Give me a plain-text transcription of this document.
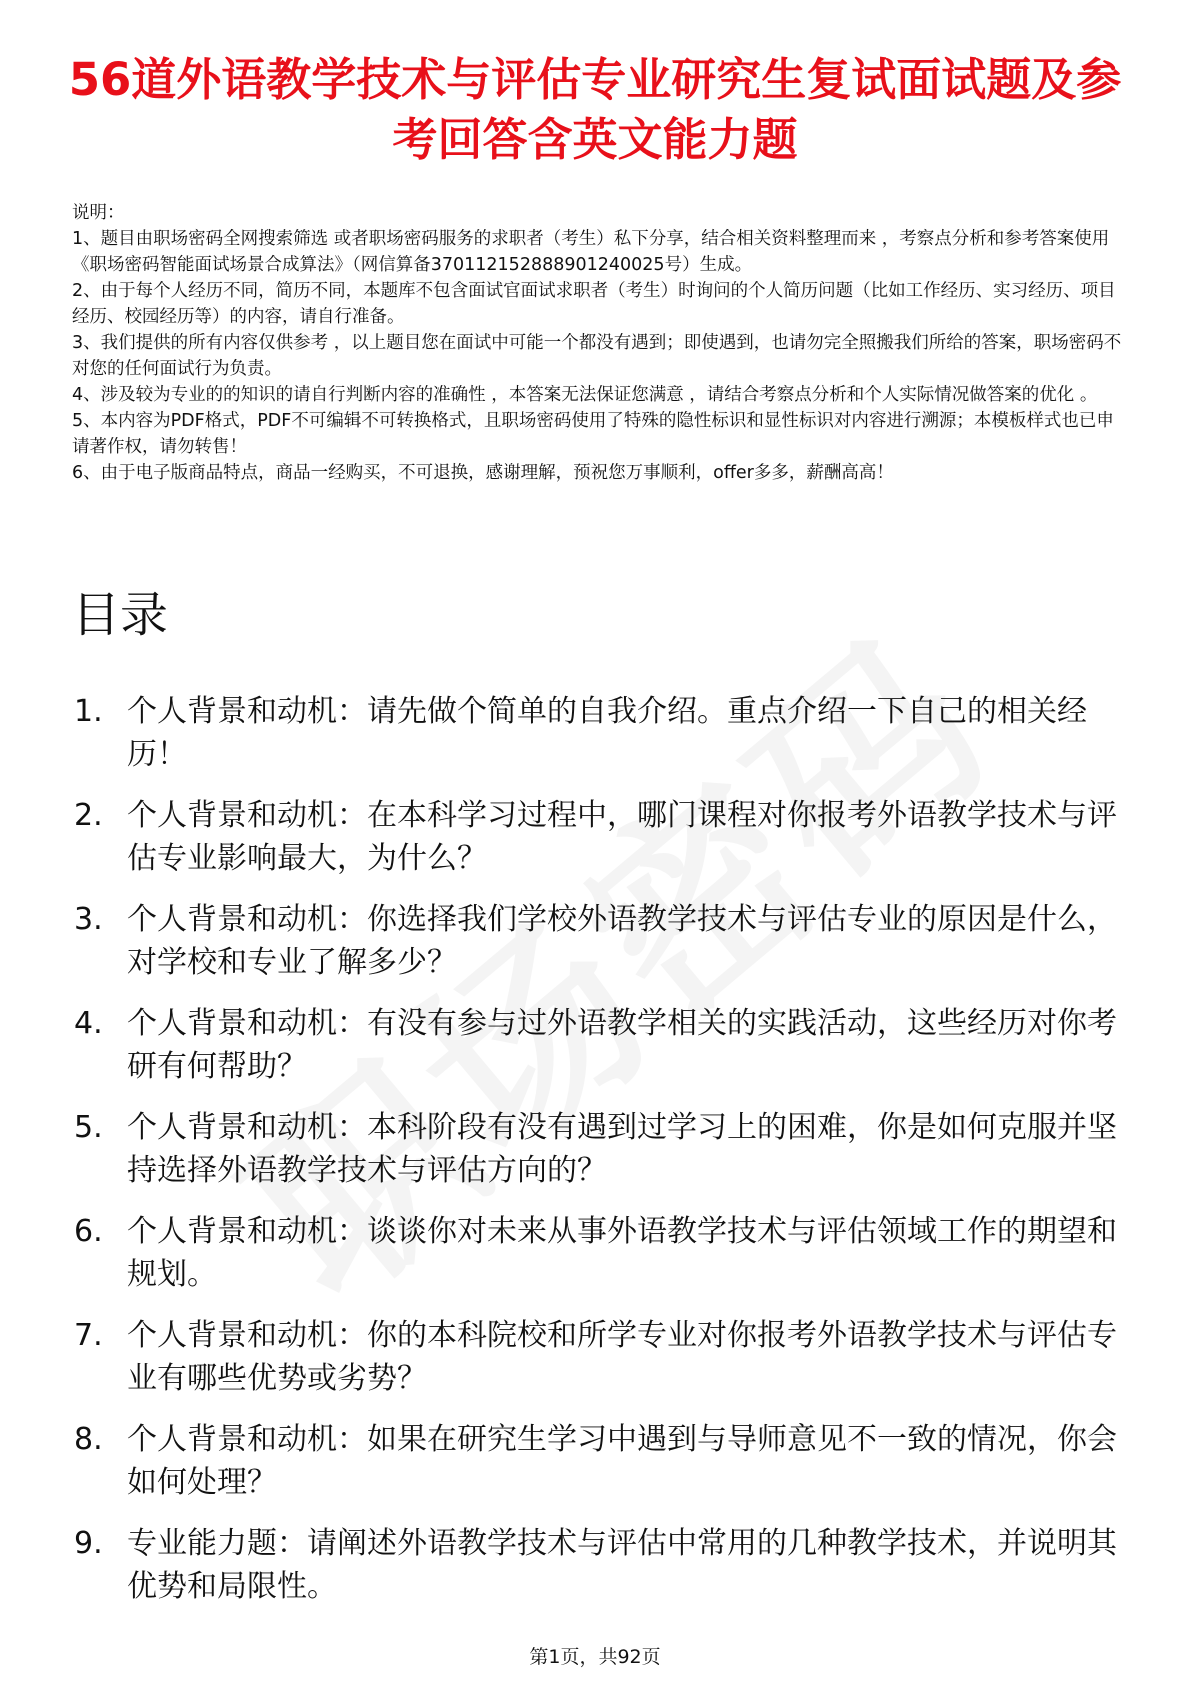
56道外语教学技术与评估专业研究生复试面试题及参考回答含英文能力题

说明：

1、题目由职场密码全网搜索筛选 或者职场密码服务的求职者（考生）私下分享，结合相关资料整理而来 ，考察点分析和参考答案使用《职场密码智能面试场景合成算法》（网信算备370112152888901240025号）生成。

2、由于每个人经历不同，简历不同，本题库不包含面试官面试求职者（考生）时询问的个人简历问题（比如工作经历、实习经历、项目经历、校园经历等）的内容，请自行准备。

3、我们提供的所有内容仅供参考 ，以上题目您在面试中可能一个都没有遇到；即使遇到，也请勿完全照搬我们所给的答案，职场密码不对您的任何面试行为负责。

4、涉及较为专业的的知识的请自行判断内容的准确性 ，本答案无法保证您满意 ，请结合考察点分析和个人实际情况做答案的优化 。

5、本内容为PDF格式，PDF不可编辑不可转换格式，且职场密码使用了特殊的隐性标识和显性标识对内容进行溯源；本模板样式也已申请著作权，请勿转售！

6、由于电子版商品特点，商品一经购买，不可退换，感谢理解，预祝您万事顺利，offer多多，薪酬高高！

目录
1. 个人背景和动机：请先做个简单的自我介绍。重点介绍一下自己的相关经历！
2. 个人背景和动机：在本科学习过程中，哪门课程对你报考外语教学技术与评估专业影响最大，为什么？
3. 个人背景和动机：你选择我们学校外语教学技术与评估专业的原因是什么，对学校和专业了解多少？
4. 个人背景和动机：有没有参与过外语教学相关的实践活动，这些经历对你考研有何帮助？
5. 个人背景和动机：本科阶段有没有遇到过学习上的困难，你是如何克服并坚持选择外语教学技术与评估方向的？
6. 个人背景和动机：谈谈你对未来从事外语教学技术与评估领域工作的期望和规划。
7. 个人背景和动机：你的本科院校和所学专业对你报考外语教学技术与评估专业有哪些优势或劣势？
8. 个人背景和动机：如果在研究生学习中遇到与导师意见不一致的情况，你会如何处理？
9. 专业能力题：请阐述外语教学技术与评估中常用的几种教学技术，并说明其优势和局限性。
第1页，共92页
